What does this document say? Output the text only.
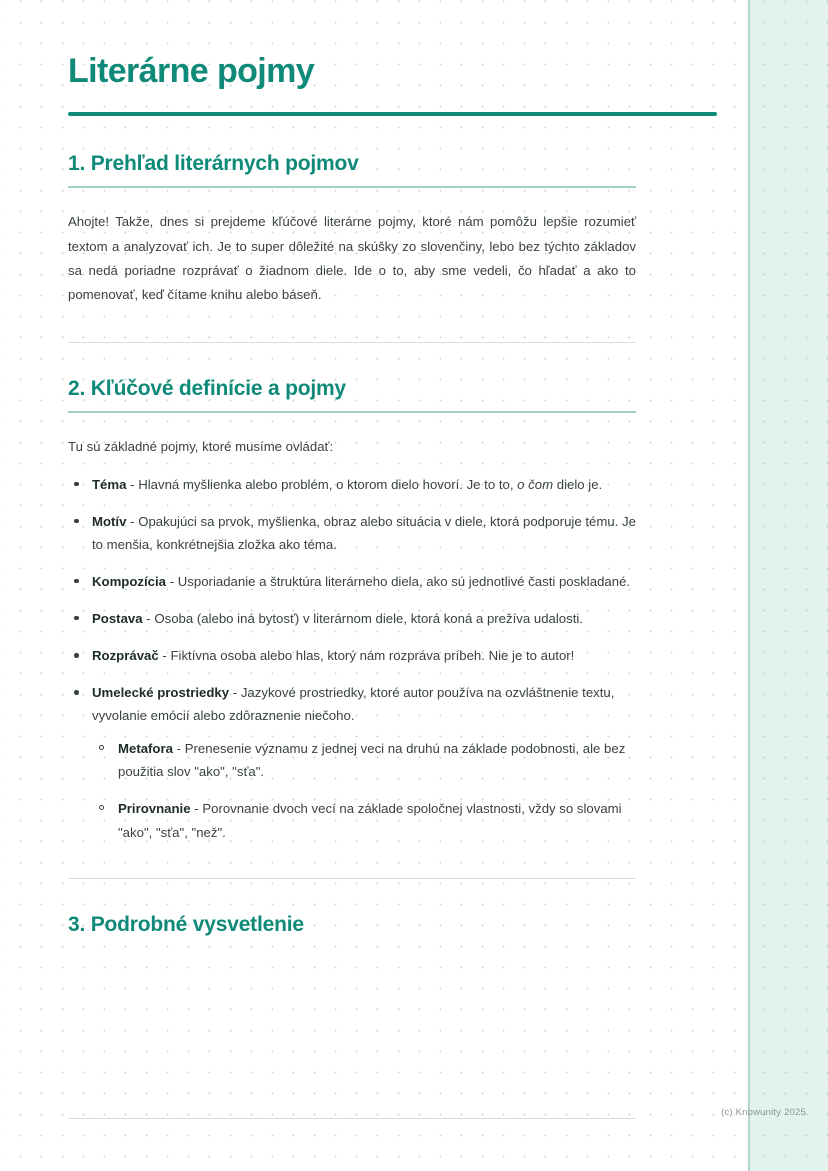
Literárne pojmy
1. Prehľad literárnych pojmov

Ahojte! Takže, dnes si prejdeme kľúčové literárne pojmy, ktoré nám pomôžu lepšie rozumieť textom a analyzovať ich. Je to super dôležité na skúšky zo slovenčiny, lebo bez týchto základov sa nedá poriadne rozprávať o žiadnom diele. Ide o to, aby sme vedeli, čo hľadať a ako to pomenovať, keď čítame knihu alebo báseň.

2. Kľúčové definície a pojmy

Tu sú základné pojmy, ktoré musíme ovládať:

Téma - Hlavná myšlienka alebo problém, o ktorom dielo hovorí. Je to to, o čom dielo je.
Motív - Opakujúci sa prvok, myšlienka, obraz alebo situácia v diele, ktorá podporuje tému. Je to menšia, konkrétnejšia zložka ako téma.
Kompozícia - Usporiadanie a štruktúra literárneho diela, ako sú jednotlivé časti poskladané.
Postava - Osoba (alebo iná bytosť) v literárnom diele, ktorá koná a prežíva udalosti.
Rozprávač - Fiktívna osoba alebo hlas, ktorý nám rozpráva príbeh. Nie je to autor!
Umelecké prostriedky - Jazykové prostriedky, ktoré autor používa na ozvláštnenie textu, vyvolanie emócií alebo zdôraznenie niečoho.
Metafora - Prenesenie významu z jednej veci na druhú na základe podobnosti, ale bez použitia slov "ako", "sťa".
Prirovnanie - Porovnanie dvoch vecí na základe spoločnej vlastnosti, vždy so slovami "ako", "sťa", "než".
3. Podrobné vysvetlenie
(c) Knowunity 2025
